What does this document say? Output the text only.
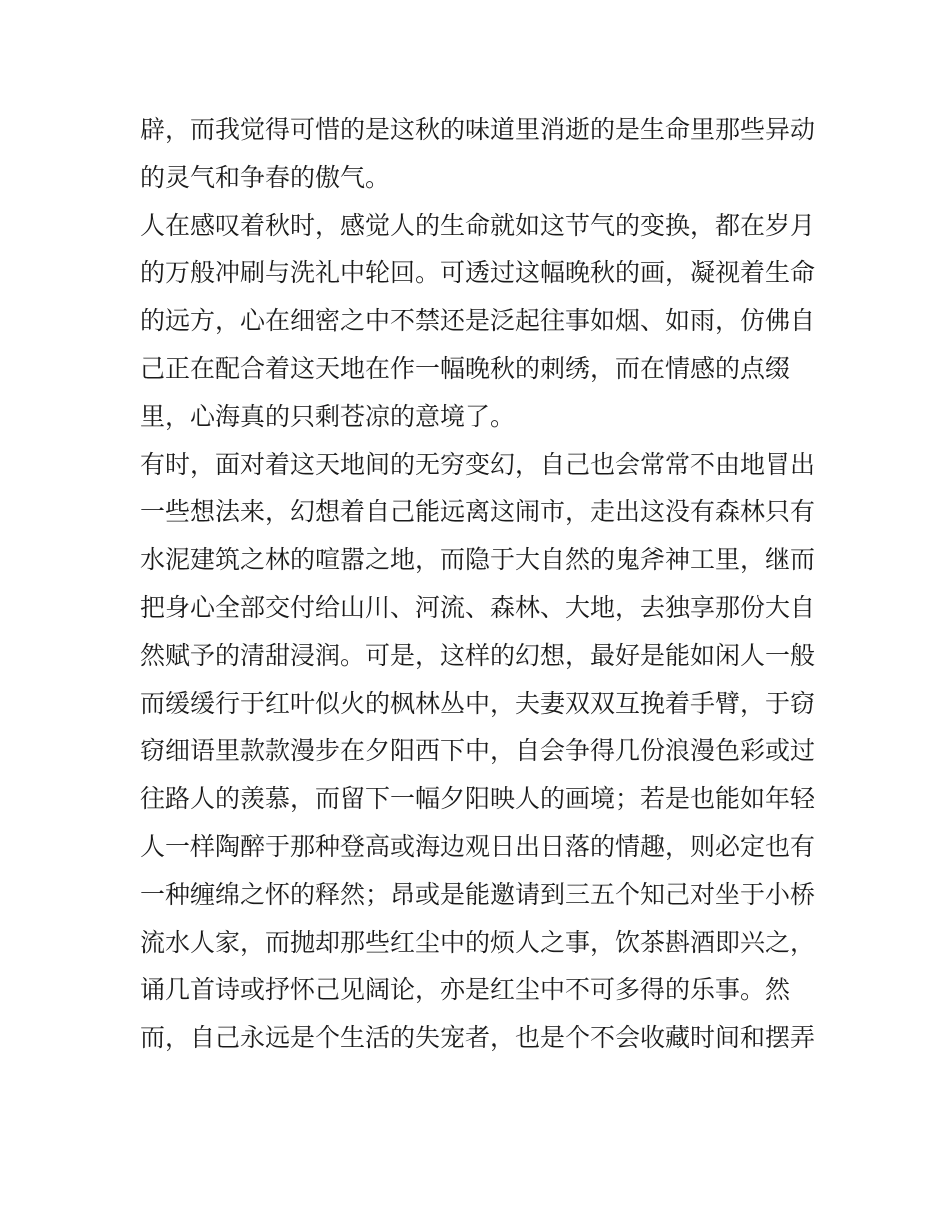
辟，而我觉得可惜的是这秋的味道里消逝的是生命里那些异动
的灵气和争春的傲气。
人在感叹着秋时，感觉人的生命就如这节气的变换，都在岁月
的万般冲刷与洗礼中轮回。可透过这幅晚秋的画，凝视着生命
的远方，心在细密之中不禁还是泛起往事如烟、如雨，仿佛自
己正在配合着这天地在作一幅晚秋的刺绣，而在情感的点缀
里，心海真的只剩苍凉的意境了。
有时，面对着这天地间的无穷变幻，自己也会常常不由地冒出
一些想法来，幻想着自己能远离这闹市，走出这没有森林只有
水泥建筑之林的喧嚣之地，而隐于大自然的鬼斧神工里，继而
把身心全部交付给山川、河流、森林、大地，去独享那份大自
然赋予的清甜浸润。可是，这样的幻想，最好是能如闲人一般
而缓缓行于红叶似火的枫林丛中，夫妻双双互挽着手臂，于窃
窃细语里款款漫步在夕阳西下中，自会争得几份浪漫色彩或过
往路人的羡慕，而留下一幅夕阳映人的画境；若是也能如年轻
人一样陶醉于那种登高或海边观日出日落的情趣，则必定也有
一种缠绵之怀的释然；昂或是能邀请到三五个知己对坐于小桥
流水人家，而抛却那些红尘中的烦人之事，饮茶斟酒即兴之，
诵几首诗或抒怀己见阔论，亦是红尘中不可多得的乐事。然
而，自己永远是个生活的失宠者，也是个不会收藏时间和摆弄
